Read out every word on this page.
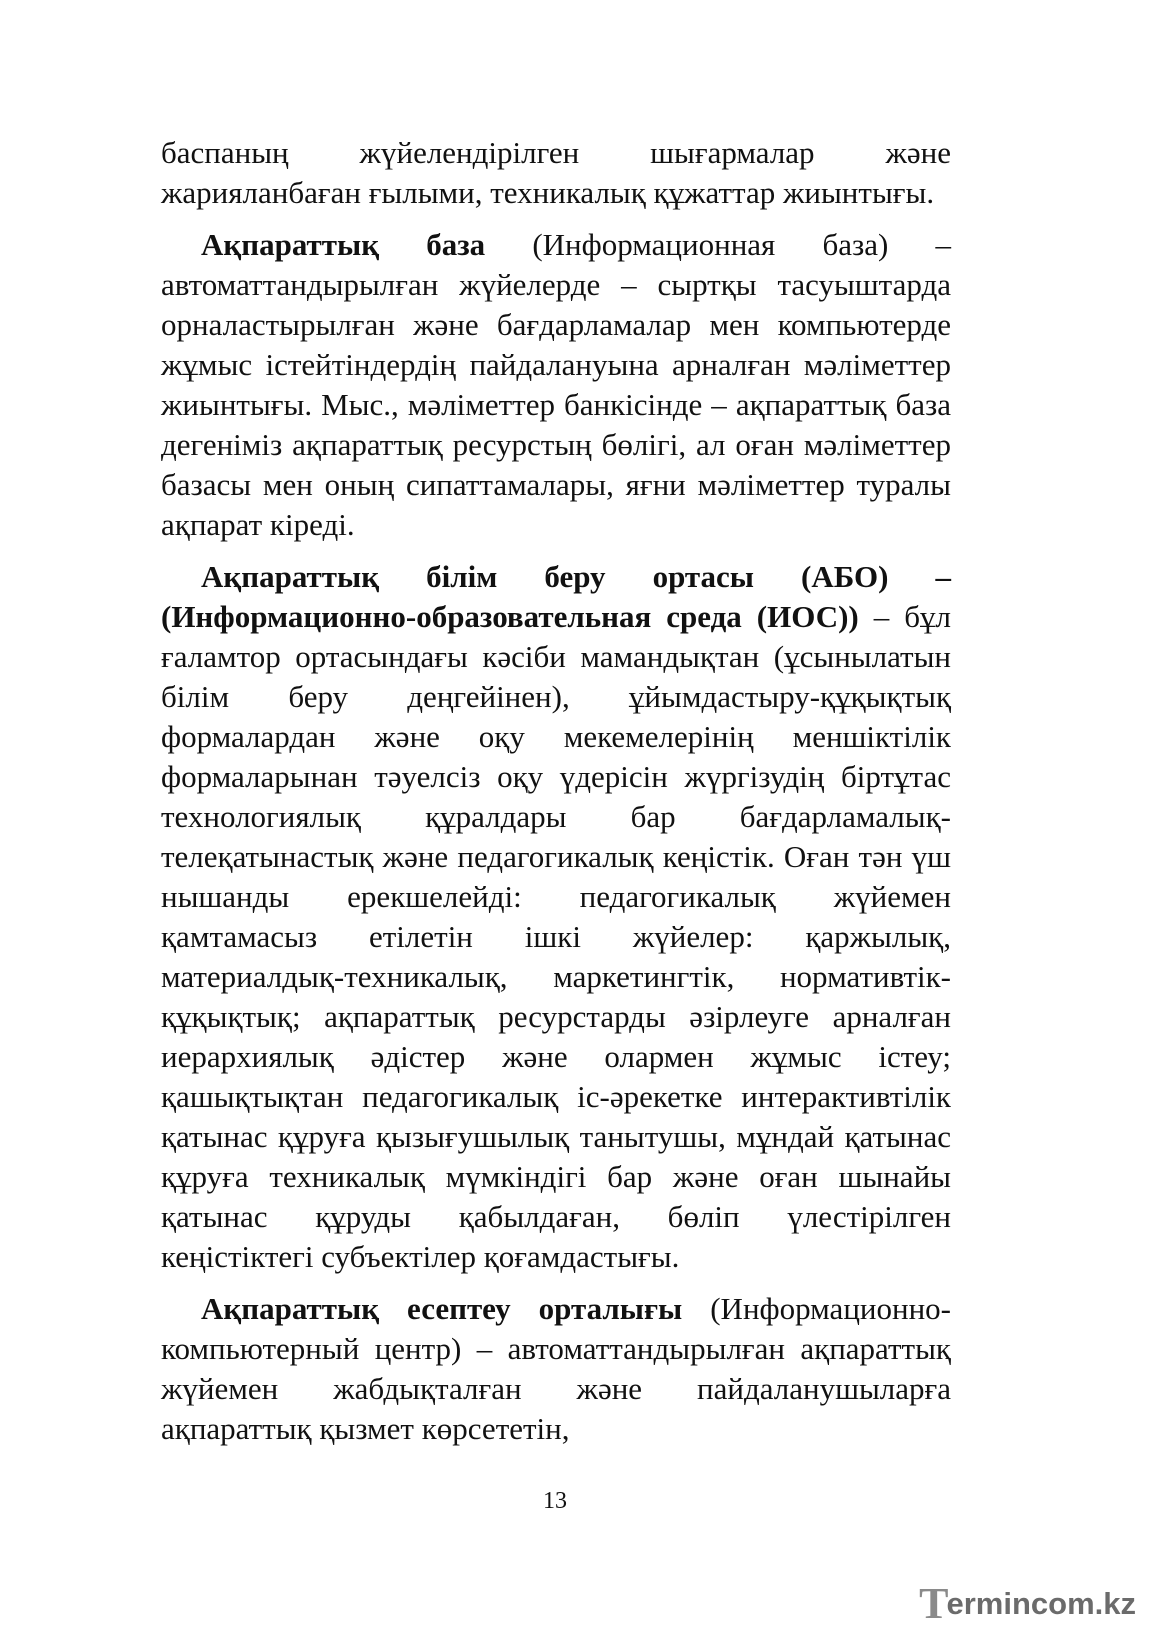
баспаның жүйелендірілген шығармалар және жарияланбаған ғылыми, техникалық құжаттар жиынтығы.

Ақпараттық база (Информационная база) – автоматтандырылған жүйелерде – сыртқы тасуыштарда орналастырылған және бағдарламалар мен компьютерде жұмыс істейтіндердің пайдалануына арналған мәліметтер жиынтығы. Мыс., мәліметтер банкісінде – ақпараттық база дегеніміз ақпараттық ресурстың бөлігі, ал оған мәліметтер базасы мен оның сипаттамалары, яғни мәліметтер туралы ақпарат кіреді.

Ақпараттық білім беру ортасы (АБО) – (Информационно-образовательная среда (ИОС)) – бұл ғаламтор ортасындағы кәсіби мамандықтан (ұсынылатын білім беру деңгейінен), ұйымдастыру-құқықтық формалардан және оқу мекемелерінің меншіктілік формаларынан тәуелсіз оқу үдерісін жүргізудің біртұтас технологиялық құралдары бар бағдарламалық-телеқатынастық және педагогикалық кеңістік. Оған тән үш нышанды ерекшелейді: педагогикалық жүйемен қамтамасыз етілетін ішкі жүйелер: қаржылық, материалдық-техникалық, маркетингтік, нормативтік-құқықтық; ақпараттық ресурстарды әзірлеуге арналған иерархиялық әдістер және олармен жұмыс істеу; қашықтықтан педагогикалық іс-әрекетке интерактивтілік қатынас құруға қызығушылық танытушы, мұндай қатынас құруға техникалық мүмкіндігі бар және оған шынайы қатынас құруды қабылдаған, бөліп үлестірілген кеңістіктегі субъектілер қоғамдастығы.

Ақпараттық есептеу орталығы (Информационно-компьютерный центр) – автоматтандырылған ақпараттық жүйемен жабдықталған және пайдаланушыларға ақпараттық қызмет көрсететін,

13
T
ermincom.kz
